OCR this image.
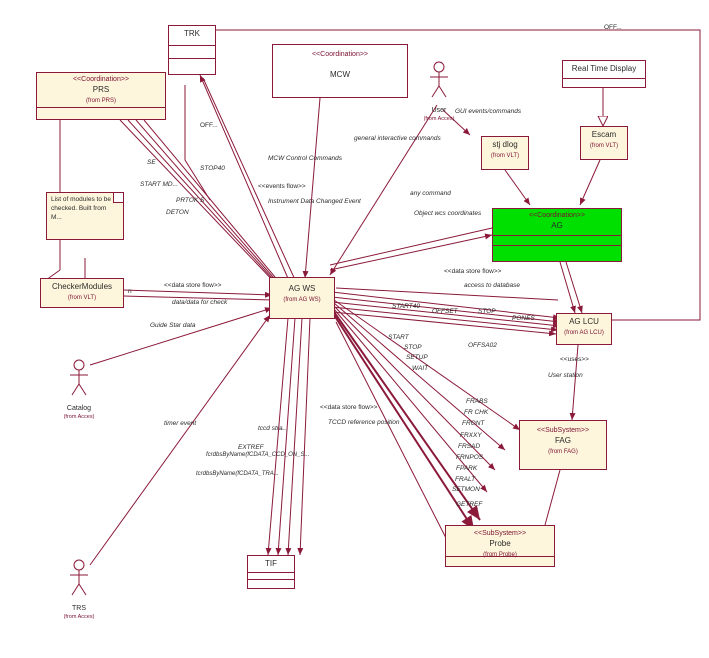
TRK
<<Coordination>>
PRS
(from PRS)
<<Coordination>>
MCW
Real Time Display
Escam
(from VLT)
stj dlog
(from VLT)
<<Coordination>>
AG
AG WS
(from AG WS)
AG LCU
(from AG LCU)
<<SubSystem>>
FAG
(from FAG)
<<SubSystem>>
Probe
(from Probe)
CheckerModules
(from VLT)
TIF
List of modules to be checked. Built from M...
User
(from Acces)
Catalog
(from Acces)
TRS
(from Acces)
OFF...
OFF...
SE
STOP40
START MD...
PRTOK S
DETON
MCW Control Commands
<<events flow>>
Instrument Data Changed Event
GUI events/commands
general interactive commands
any command
Object wcs coordinates
<<data store flow>>
access to database
<<data store flow>>
data/data for check
Guide Star data
START40
OFFSET	STOP
PONES
START
STOP
SETUP
WAIT
OFFSA02
<<uses>>
User station
FRABS
FR CHK
FRONT
FRXXY
FRSAD
FRNPOS
FPARK
FRALT
SETMON
GETREF
<<data store flow>>
TCCD reference position
timer event
tccd stra...
EXTREF
fcrdbsByName(fCDATA_CCD_ON_S...
tcrdbsByName(fCDATA_TRA...
n
